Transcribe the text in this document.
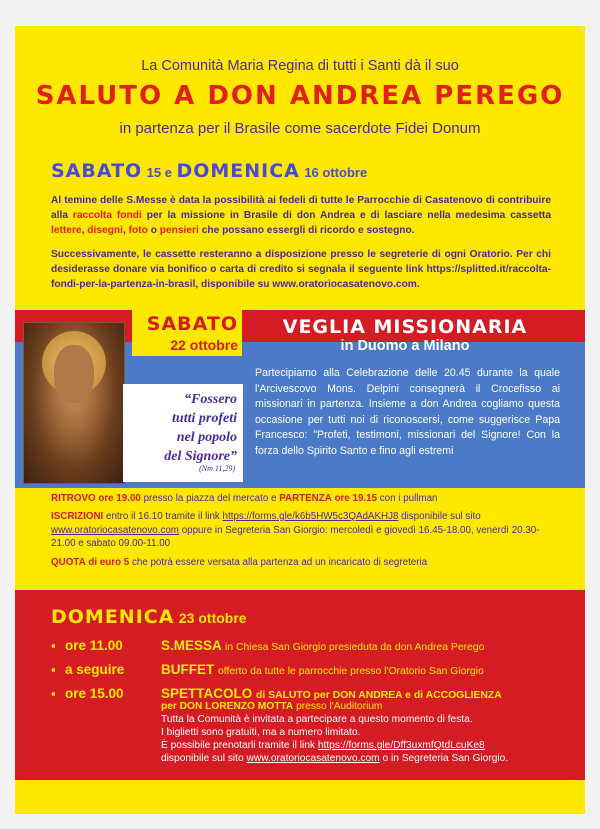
La Comunità Maria Regina di tutti i Santi dà il suo
SALUTO A DON ANDREA PEREGO
in partenza per il Brasile come sacerdote Fidei Donum
SABATO 15 e DOMENICA 16 ottobre
Al temine delle S.Messe è data la possibilità ai fedeli di tutte le Parrocchie di Casatenovo di contribuire alla raccolta fondi per la missione in Brasile di don Andrea e di lasciare nella medesima cassetta lettere, disegni, foto o pensieri che possano essergli di ricordo e sostegno.
Successivamente, le cassette resteranno a disposizione presso le segreterie di ogni Oratorio. Per chi desiderasse donare via bonifico o carta di credito si segnala il seguente link https://splitted.it/raccolta-fondi-per-la-partenza-in-brasil, disponibile su www.oratoriocasatenovo.com.
SABATO
22 ottobre
“Fossero
tutti profeti
nel popolo
del Signore”
(Nm 11,29)
VEGLIA MISSIONARIA
in Duomo a Milano
Partecipiamo alla Celebrazione delle 20.45 durante la quale l'Arcivescovo Mons. Delpini consegnerà il Crocefisso ai missionari in partenza. Insieme a don Andrea cogliamo questa occasione per tutti noi di riconoscersi, come suggerisce Papa Francesco: "Profeti, testimoni, missionari del Signore! Con la forza dello Spirito Santo e fino agli estremi
RITROVO ore 19.00 presso la piazza del mercato e PARTENZA ore 19.15 con i pullman
ISCRIZIONI entro il 16.10 tramite il link https://forms.gle/k6b5HW5c3QAdAKHJ8 disponibile sul sito www.oratoriocasatenovo.com oppure in Segreteria San Giorgio: mercoledì e giovedì 16.45-18.00, venerdì 20.30-21.00 e sabato 09.00-11.00
QUOTA di euro 5 che potrà essere versata alla partenza ad un incaricato di segreteria
DOMENICA 23 ottobre
▪ ore 11.00	S.MESSA in Chiesa San Giorgio presieduta da don Andrea Perego
▪ a seguire	BUFFET offerto da tutte le parrocchie presso l'Oratorio San Giorgio
▪ ore 15.00	SPETTACOLO di SALUTO per DON ANDREA e di ACCOGLIENZA
per DON LORENZO MOTTA presso l'Auditorium
Tutta la Comunità è invitata a partecipare a questo momento di festa.
I biglietti sono gratuiti, ma a numero limitato.
È possibile prenotarli tramite il link https://forms.gle/Dff3uxmfQtdLcuKe8
disponibile sul sito www.oratoriocasatenovo.com o in Segreteria San Giorgio.
